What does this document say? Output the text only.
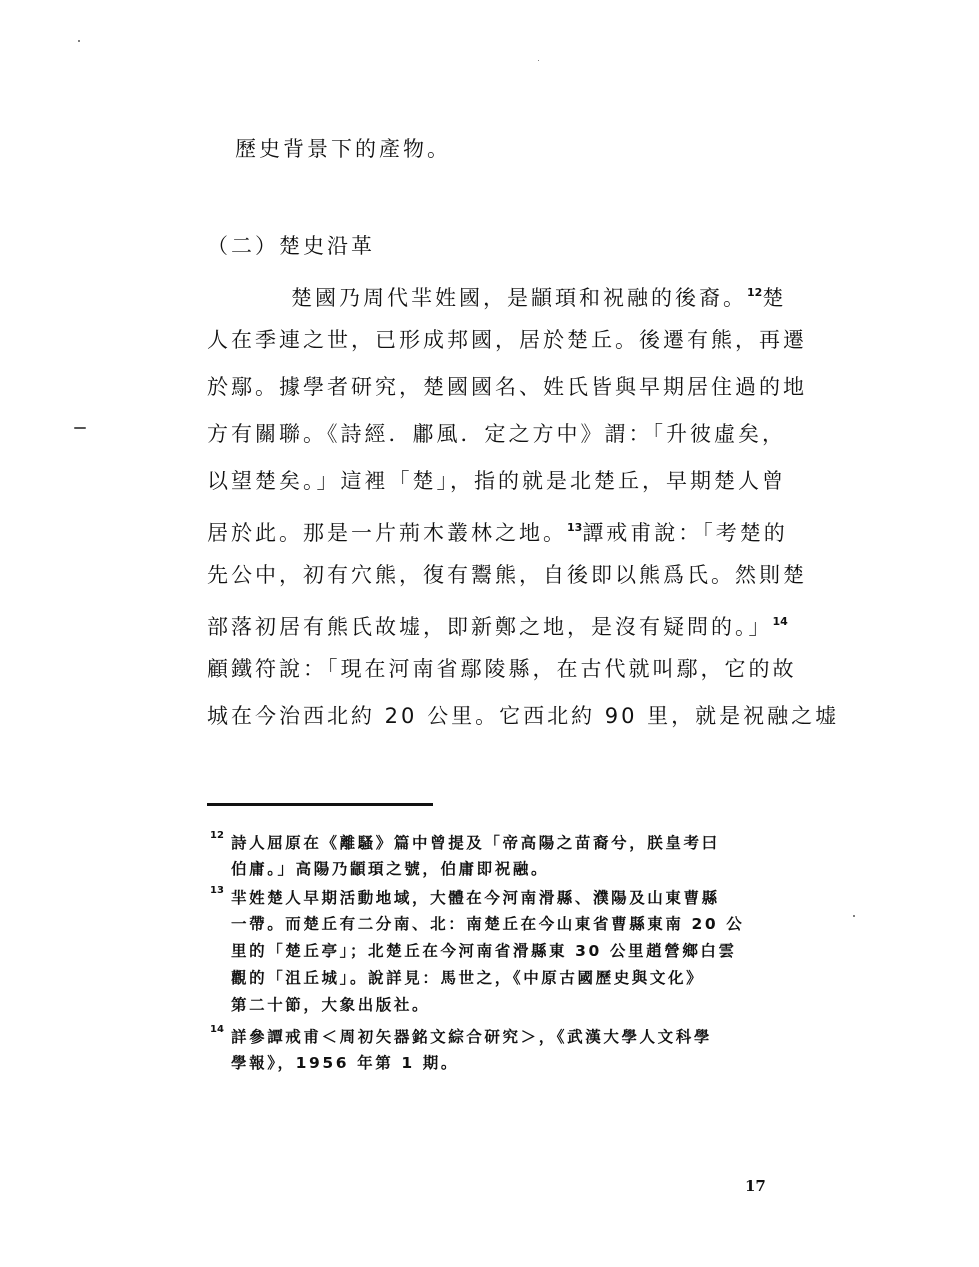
歷史背景下的產物。
（二）楚史沿革
楚國乃周代羋姓國，是顓頊和祝融的後裔。$^{12}$楚
人在季連之世，已形成邦國，居於楚丘。後遷有熊，再遷
於鄢。據學者研究，楚國國名、姓氏皆與早期居住過的地
方有關聯。《詩經．鄘風．定之方中》謂：「升彼虛矣，
以望楚矣。」這裡「楚」，指的就是北楚丘，早期楚人曾
居於此。那是一片荊木叢林之地。$^{13}$譚戒甫說：「考楚的
先公中，初有穴熊，復有鬻熊，自後即以熊爲氏。然則楚
部落初居有熊氏故墟，即新鄭之地，是沒有疑問的。」$^{14}$
顧鐵符說：「現在河南省鄢陵縣，在古代就叫鄢，它的故
城在今治西北約 20 公里。它西北約 90 里，就是祝融之墟
12 詩人屈原在《離騷》篇中曾提及「帝高陽之苗裔兮，朕皇考曰
伯庸。」高陽乃顓頊之號，伯庸即祝融。
13 羋姓楚人早期活動地域，大體在今河南滑縣、濮陽及山東曹縣
一帶。而楚丘有二分南、北：南楚丘在今山東省曹縣東南 20 公
里的「楚丘亭」；北楚丘在今河南省滑縣東 30 公里趙營鄉白雲
觀的「沮丘城」。說詳見：馬世之，《中原古國歷史與文化》
第二十節，大象出版社。
14 詳參譚戒甫＜周初矢器銘文綜合研究＞，《武漢大學人文科學
學報》，1956 年第 1 期。
17
